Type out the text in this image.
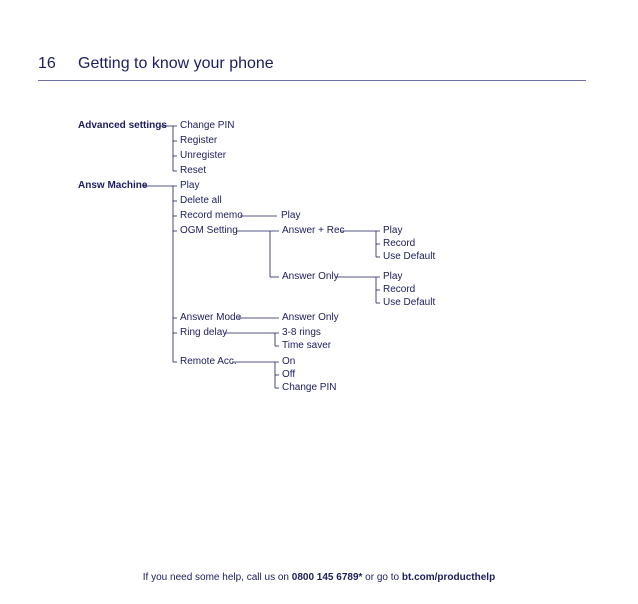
16 Getting to know your phone
Advanced settings
Answ Machine
Change PIN
Register
Unregister
Reset
Play
Delete all
Record memo
OGM Setting
Answer Mode
Ring delay
Remote Acc.
Play
Answer + Rec
Answer Only
Play
Record
Use Default
Play
Record
Use Default
Answer Only
3-8 rings
Time saver
On
Off
Change PIN
If you need some help, call us on 0800 145 6789* or go to bt.com/producthelp
